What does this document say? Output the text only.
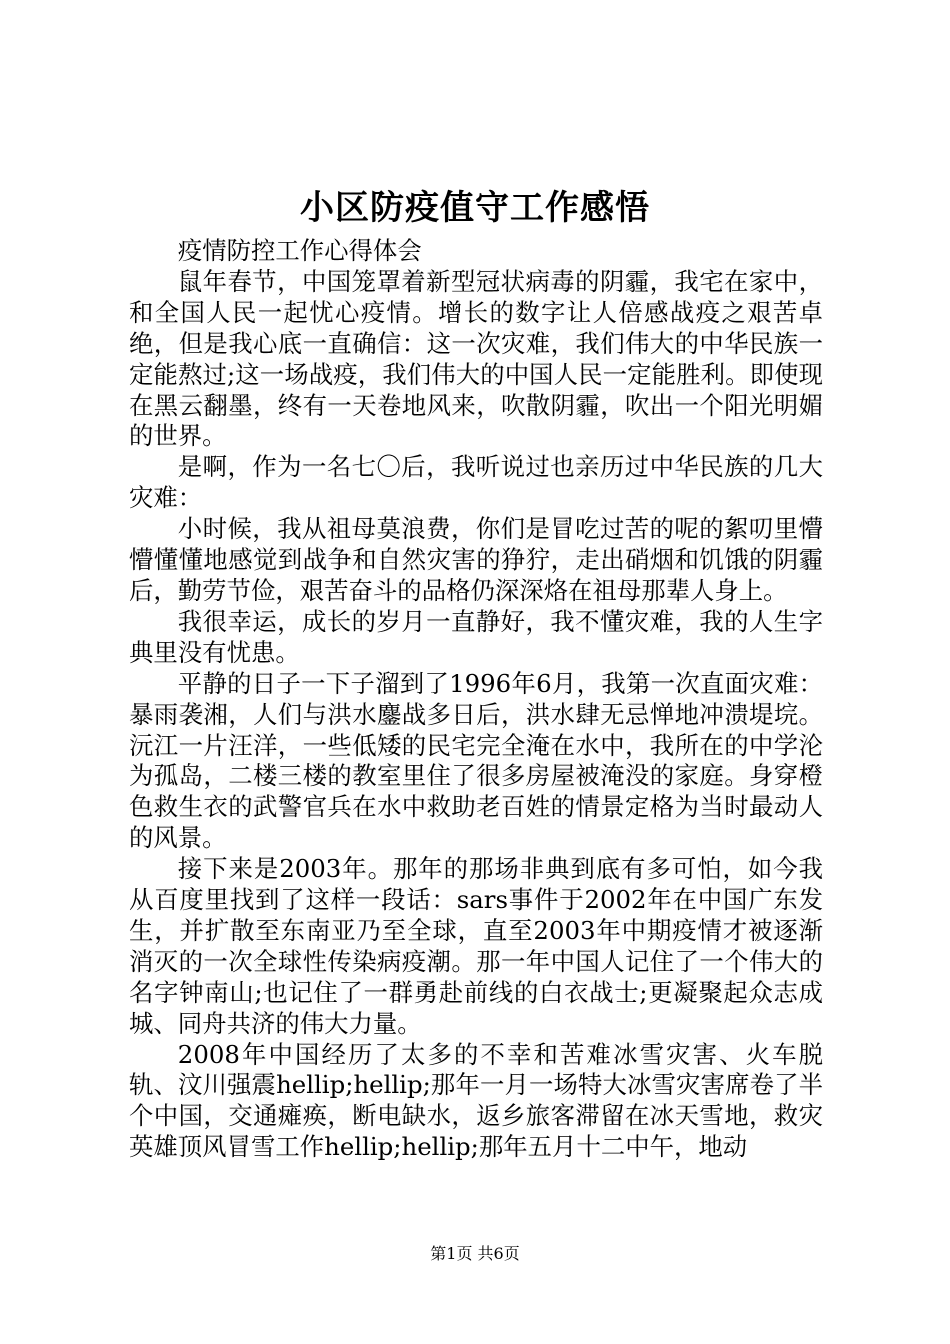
小区防疫值守工作感悟

疫情防控工作心得体会

鼠年春节，中国笼罩着新型冠状病毒的阴霾，我宅在家中，和全国人民一起忧心疫情。增长的数字让人倍感战疫之艰苦卓绝，但是我心底一直确信：这一次灾难，我们伟大的中华民族一定能熬过;这一场战疫，我们伟大的中国人民一定能胜利。即使现在黑云翻墨，终有一天卷地风来，吹散阴霾，吹出一个阳光明媚的世界。

是啊，作为一名七〇后，我听说过也亲历过中华民族的几大灾难：

小时候，我从祖母莫浪费，你们是冒吃过苦的呢的絮叨里懵懵懂懂地感觉到战争和自然灾害的狰狞，走出硝烟和饥饿的阴霾后，勤劳节俭，艰苦奋斗的品格仍深深烙在祖母那辈人身上。

我很幸运，成长的岁月一直静好，我不懂灾难，我的人生字典里没有忧患。

平静的日子一下子溜到了1996年6月，我第一次直面灾难：暴雨袭湘，人们与洪水鏖战多日后，洪水肆无忌惮地冲溃堤垸。沅江一片汪洋，一些低矮的民宅完全淹在水中，我所在的中学沦为孤岛，二楼三楼的教室里住了很多房屋被淹没的家庭。身穿橙色救生衣的武警官兵在水中救助老百姓的情景定格为当时最动人的风景。

接下来是2003年。那年的那场非典到底有多可怕，如今我从百度里找到了这样一段话：sars事件于2002年在中国广东发生，并扩散至东南亚乃至全球，直至2003年中期疫情才被逐渐消灭的一次全球性传染病疫潮。那一年中国人记住了一个伟大的名字钟南山;也记住了一群勇赴前线的白衣战士;更凝聚起众志成城、同舟共济的伟大力量。

2008年中国经历了太多的不幸和苦难冰雪灾害、火车脱轨、汶川强震hellip;hellip;那年一月一场特大冰雪灾害席卷了半个中国，交通瘫痪，断电缺水，返乡旅客滞留在冰天雪地，救灾英雄顶风冒雪工作hellip;hellip;那年五月十二中午，地动

第1页 共6页
